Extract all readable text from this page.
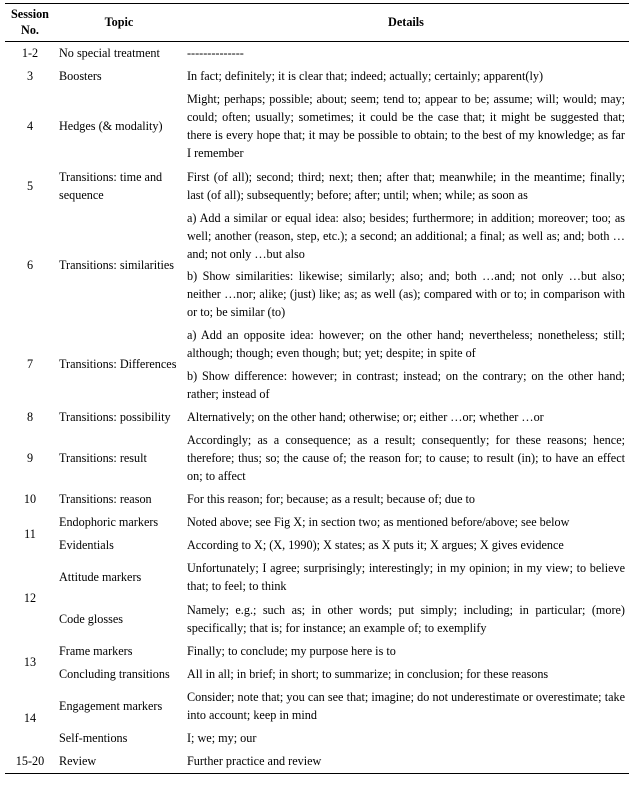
Session No.	Topic	Details
1-2	No special treatment	--------------

3	Boosters	In fact; definitely; it is clear that; indeed; actually; certainly; apparent(ly)

4	Hedges (& modality)	Might; perhaps; possible; about; seem; tend to; appear to be; assume; will; would; may; could; often; usually; sometimes; it could be the case that; it might be suggested that; there is every hope that; it may be possible to obtain; to the best of my knowledge; as far I remember

5	Transitions: time and sequence	First (of all); second; third; next; then; after that; meanwhile; in the meantime; finally; last (of all); subsequently; before; after; until; when; while; as soon as

6	Transitions: similarities	a) Add a similar or equal idea: also; besides; furthermore; in addition; moreover; too; as well; another (reason, step, etc.); a second; an additional; a final; as well as; and; both …and; not only …but also

b) Show similarities: likewise; similarly; also; and; both …and; not only …but also; neither …nor; alike; (just) like; as; as well (as); compared with or to; in comparison with or to; be similar (to)

7	Transitions: Differences	a) Add an opposite idea: however; on the other hand; nevertheless; nonetheless; still; although; though; even though; but; yet; despite; in spite of

b) Show difference: however; in contrast; instead; on the contrary; on the other hand; rather; instead of

8	Transitions: possibility	Alternatively; on the other hand; otherwise; or; either …or; whether …or

9	Transitions: result	Accordingly; as a consequence; as a result; consequently; for these reasons; hence; therefore; thus; so; the cause of; the reason for; to cause; to result (in); to have an effect on; to affect

10	Transitions: reason	For this reason; for; because; as a result; because of; due to

11	Endophoric markers	Noted above; see Fig X; in section two; as mentioned before/above; see below

	Evidentials	According to X; (X, 1990); X states; as X puts it; X argues; X gives evidence

12	Attitude markers	Unfortunately; I agree; surprisingly; interestingly; in my opinion; in my view; to believe that; to feel; to think

	Code glosses	Namely; e.g.; such as; in other words; put simply; including; in particular; (more) specifically; that is; for instance; an example of; to exemplify

13	Frame markers	Finally; to conclude; my purpose here is to

	Concluding transitions	All in all; in brief; in short; to summarize; in conclusion; for these reasons

14	Engagement markers	Consider; note that; you can see that; imagine; do not underestimate or overestimate; take into account; keep in mind

	Self-mentions	I; we; my; our

15-20	Review	Further practice and review
